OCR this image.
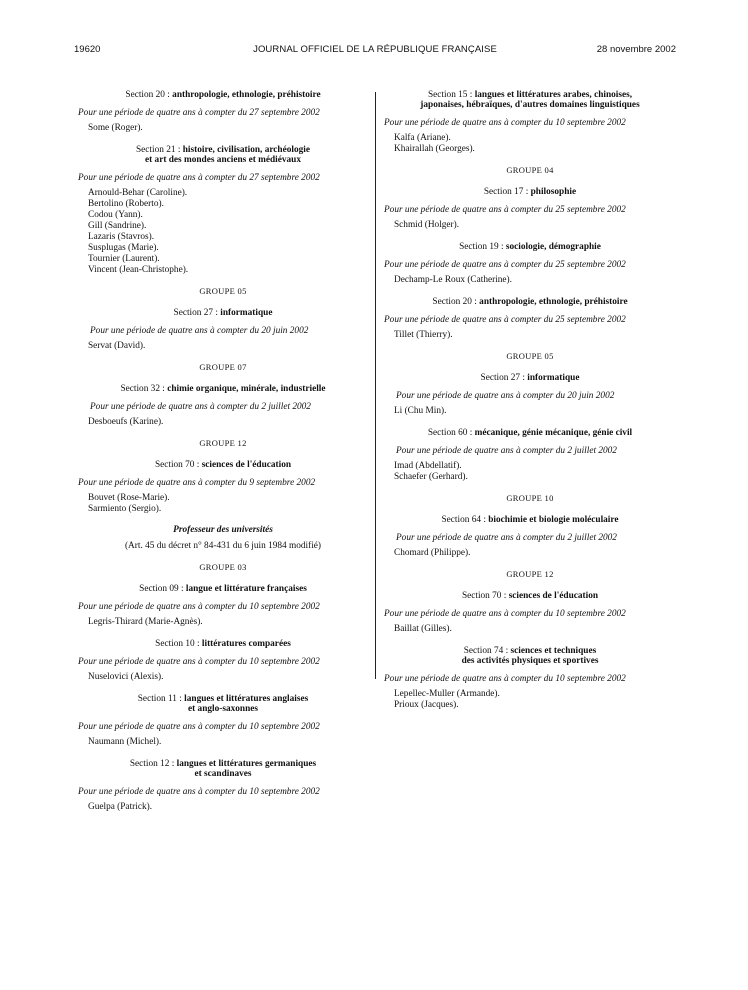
19620	JOURNAL OFFICIEL DE LA RÉPUBLIQUE FRANÇAISE	28 novembre 2002
Section 20 : anthropologie, ethnologie, préhistoire
Pour une période de quatre ans à compter du 27 septembre 2002
Some (Roger).
Section 21 : histoire, civilisation, archéologie
et art des mondes anciens et médiévaux
Pour une période de quatre ans à compter du 27 septembre 2002
Arnould-Behar (Caroline).
Bertolino (Roberto).
Codou (Yann).
Gill (Sandrine).
Lazaris (Stavros).
Susplugas (Marie).
Tournier (Laurent).
Vincent (Jean-Christophe).
GROUPE 05
Section 27 : informatique
Pour une période de quatre ans à compter du 20 juin 2002
Servat (David).
GROUPE 07
Section 32 : chimie organique, minérale, industrielle
Pour une période de quatre ans à compter du 2 juillet 2002
Desboeufs (Karine).
GROUPE 12
Section 70 : sciences de l'éducation
Pour une période de quatre ans à compter du 9 septembre 2002
Bouvet (Rose-Marie).
Sarmiento (Sergio).
Professeur des universités
(Art. 45 du décret n° 84-431 du 6 juin 1984 modifié)
GROUPE 03
Section 09 : langue et littérature françaises
Pour une période de quatre ans à compter du 10 septembre 2002
Legris-Thirard (Marie-Agnès).
Section 10 : littératures comparées
Pour une période de quatre ans à compter du 10 septembre 2002
Nuselovici (Alexis).
Section 11 : langues et littératures anglaises
et anglo-saxonnes
Pour une période de quatre ans à compter du 10 septembre 2002
Naumann (Michel).
Section 12 : langues et littératures germaniques
et scandinaves
Pour une période de quatre ans à compter du 10 septembre 2002
Guelpa (Patrick).
Section 15 : langues et littératures arabes, chinoises,
japonaises, hébraïques, d'autres domaines linguistiques
Pour une période de quatre ans à compter du 10 septembre 2002
Kalfa (Ariane).
Khairallah (Georges).
GROUPE 04
Section 17 : philosophie
Pour une période de quatre ans à compter du 25 septembre 2002
Schmid (Holger).
Section 19 : sociologie, démographie
Pour une période de quatre ans à compter du 25 septembre 2002
Dechamp-Le Roux (Catherine).
Section 20 : anthropologie, ethnologie, préhistoire
Pour une période de quatre ans à compter du 25 septembre 2002
Tillet (Thierry).
GROUPE 05
Section 27 : informatique
Pour une période de quatre ans à compter du 20 juin 2002
Li (Chu Min).
Section 60 : mécanique, génie mécanique, génie civil
Pour une période de quatre ans à compter du 2 juillet 2002
Imad (Abdellatif).
Schaefer (Gerhard).
GROUPE 10
Section 64 : biochimie et biologie moléculaire
Pour une période de quatre ans à compter du 2 juillet 2002
Chomard (Philippe).
GROUPE 12
Section 70 : sciences de l'éducation
Pour une période de quatre ans à compter du 10 septembre 2002
Baillat (Gilles).
Section 74 : sciences et techniques
des activités physiques et sportives
Pour une période de quatre ans à compter du 10 septembre 2002
Lepellec-Muller (Armande).
Prioux (Jacques).
